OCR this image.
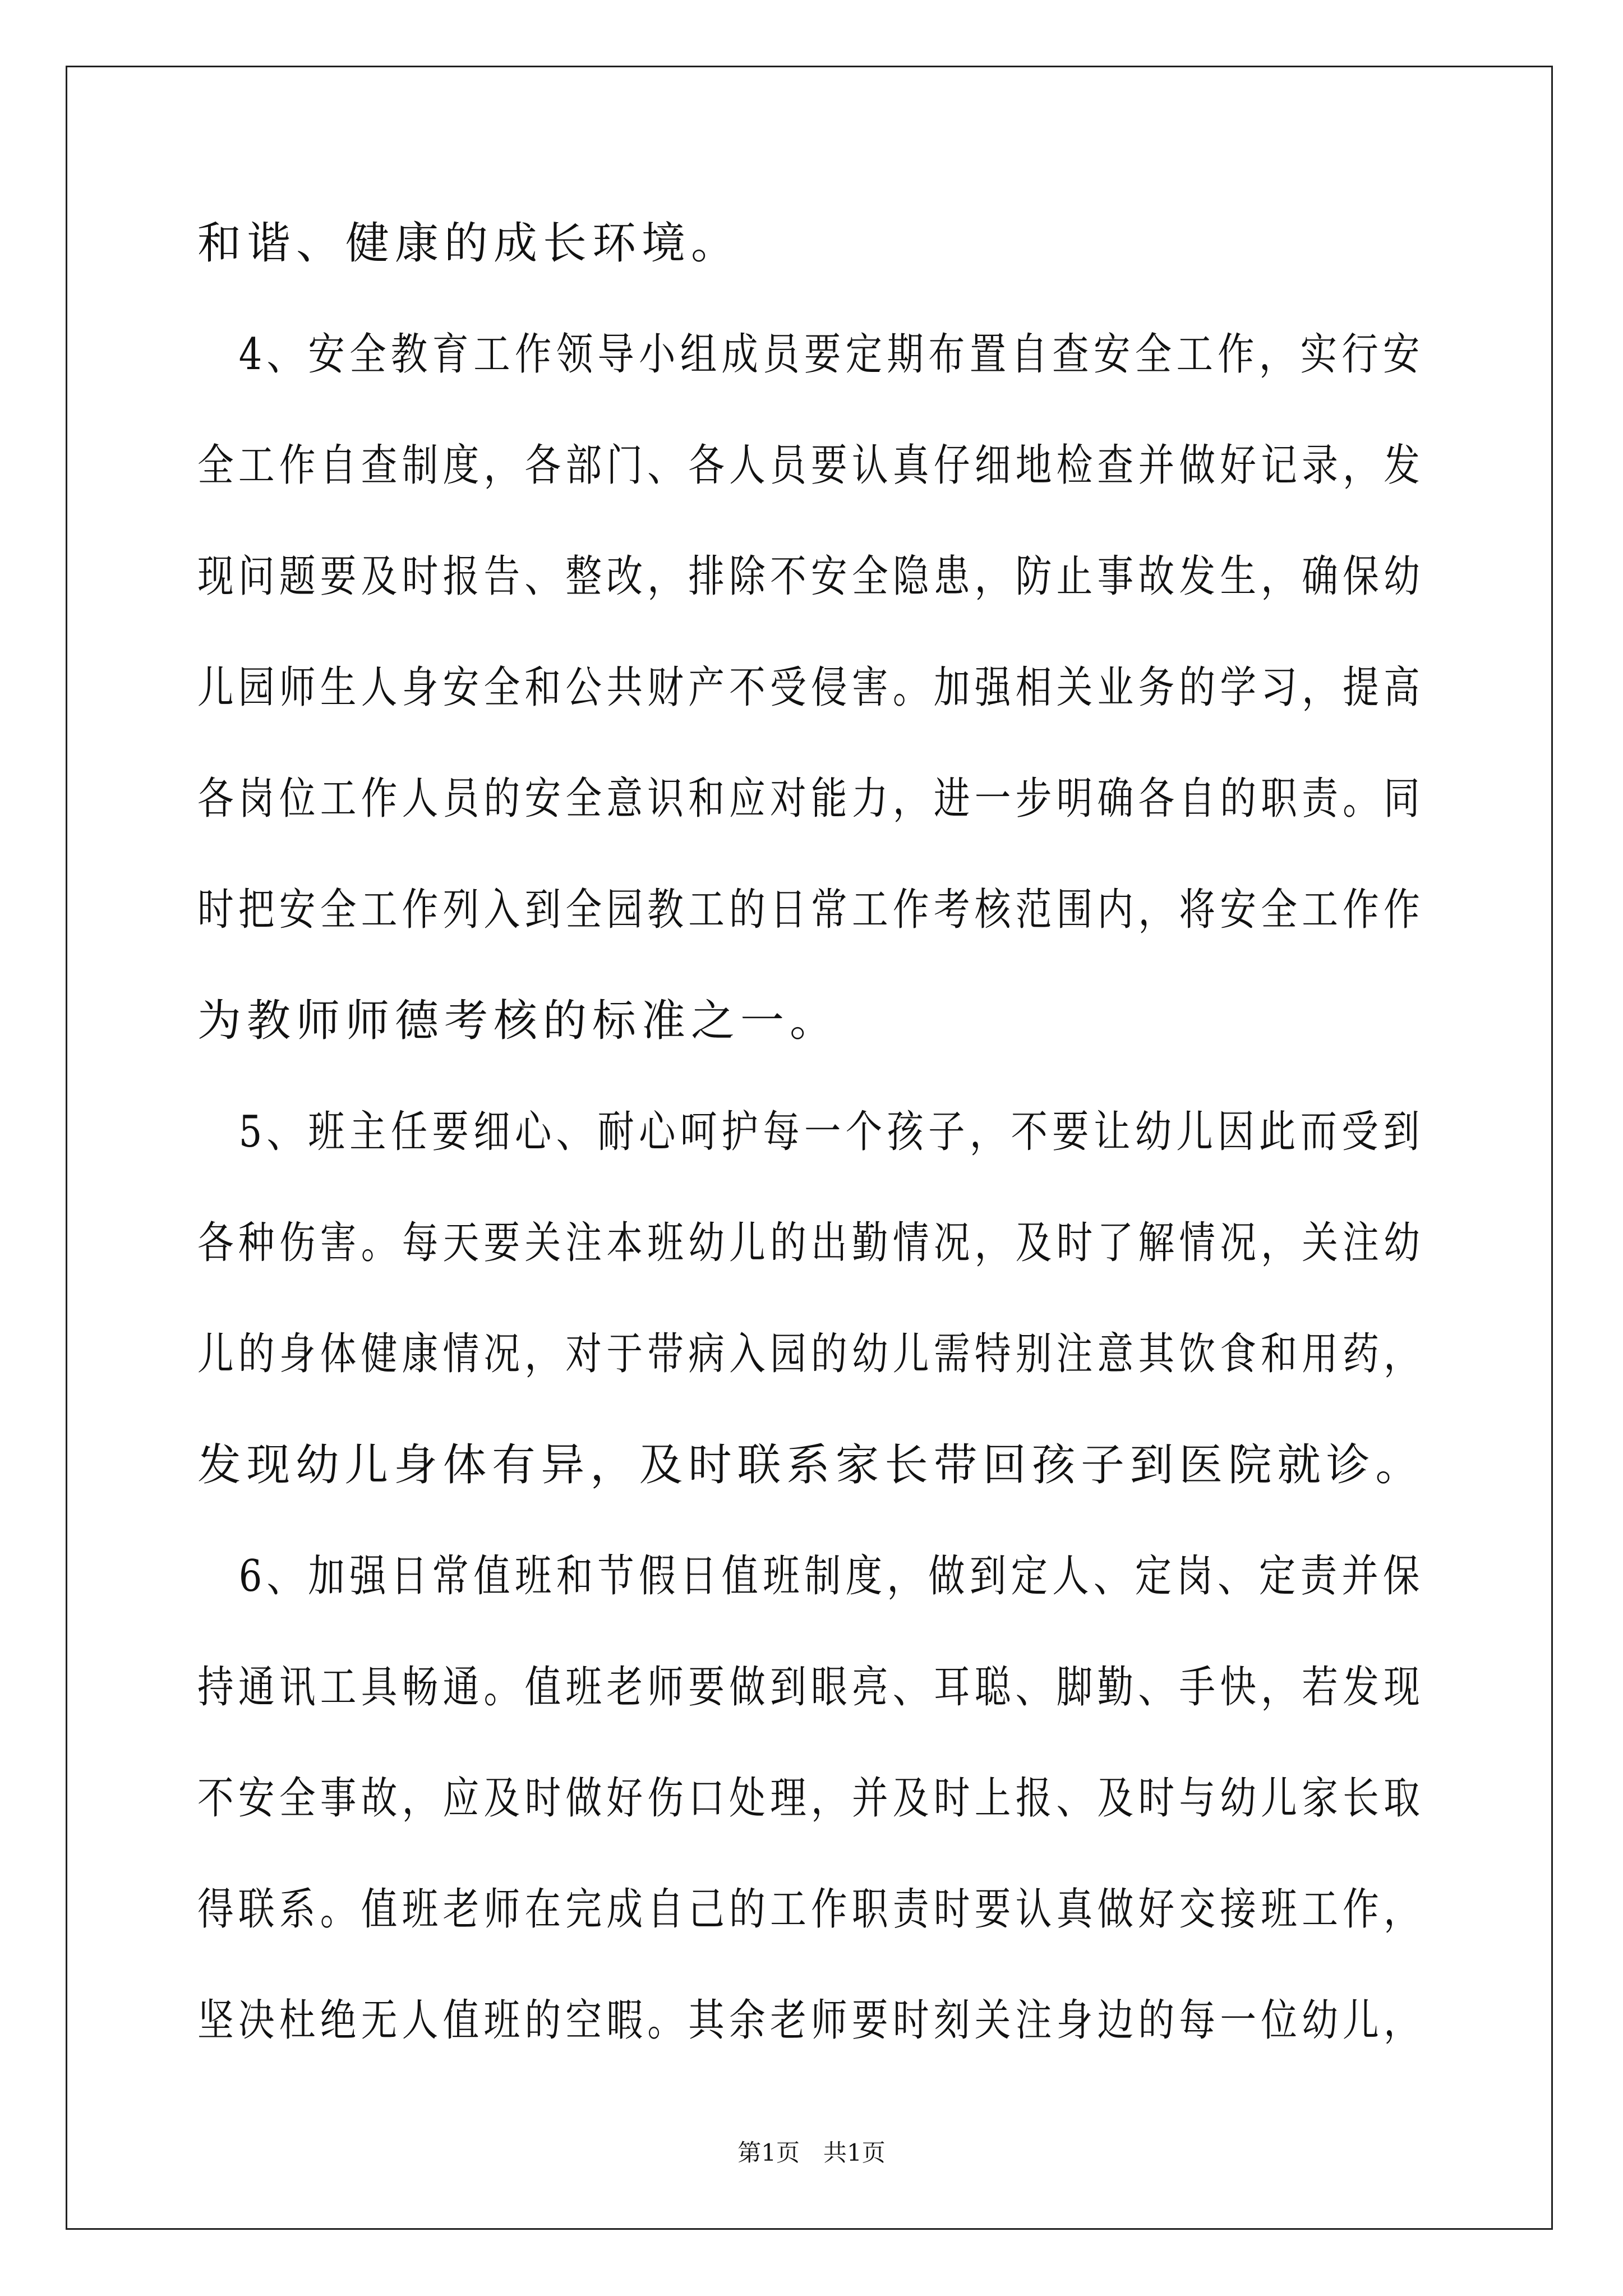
和谐、健康的成长环境。
　4、安全教育工作领导小组成员要定期布置自查安全工作，实行安
全工作自查制度，各部门、各人员要认真仔细地检查并做好记录，发
现问题要及时报告、整改，排除不安全隐患，防止事故发生，确保幼
儿园师生人身安全和公共财产不受侵害。加强相关业务的学习，提高
各岗位工作人员的安全意识和应对能力，进一步明确各自的职责。同
时把安全工作列入到全园教工的日常工作考核范围内，将安全工作作
为教师师德考核的标准之一。
　5、班主任要细心、耐心呵护每一个孩子，不要让幼儿因此而受到
各种伤害。每天要关注本班幼儿的出勤情况，及时了解情况，关注幼
儿的身体健康情况，对于带病入园的幼儿需特别注意其饮食和用药，
发现幼儿身体有异，及时联系家长带回孩子到医院就诊。
　6、加强日常值班和节假日值班制度，做到定人、定岗、定责并保
持通讯工具畅通。值班老师要做到眼亮、耳聪、脚勤、手快，若发现
不安全事故，应及时做好伤口处理，并及时上报、及时与幼儿家长取
得联系。值班老师在完成自己的工作职责时要认真做好交接班工作，
坚决杜绝无人值班的空暇。其余老师要时刻关注身边的每一位幼儿，
第1页　共1页
